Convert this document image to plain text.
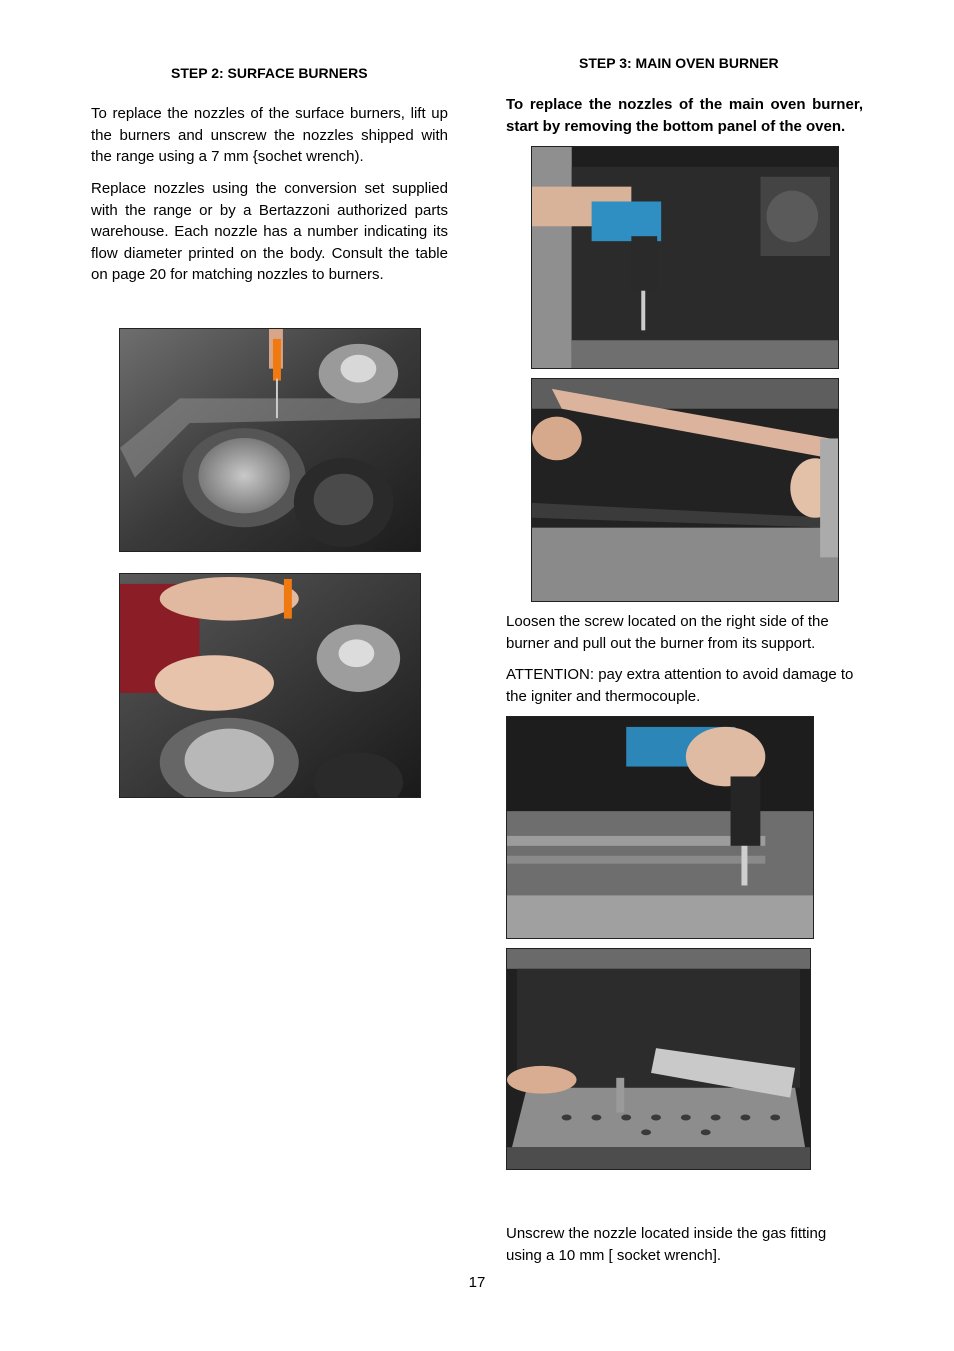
STEP 2: SURFACE BURNERS

To replace the nozzles of the surface burners, lift up the burners and unscrew the nozzles shipped with the range using a 7 mm {sochet wrench).

Replace nozzles using the conversion set supplied with the range or by a Bertazzoni authorized parts warehouse. Each nozzle has a number indicating its flow diameter printed on the body. Consult the table on page 20 for matching nozzles to burners.

STEP 3: MAIN OVEN BURNER

To replace the nozzles of the main oven burner, start by removing the bottom panel of the oven.

Loosen the screw located on the right side of the burner and pull out the burner from its support.

ATTENTION: pay extra attention to avoid damage to the igniter and thermocouple.

Unscrew the nozzle located inside the gas fitting using a 10 mm [ socket wrench].

17
